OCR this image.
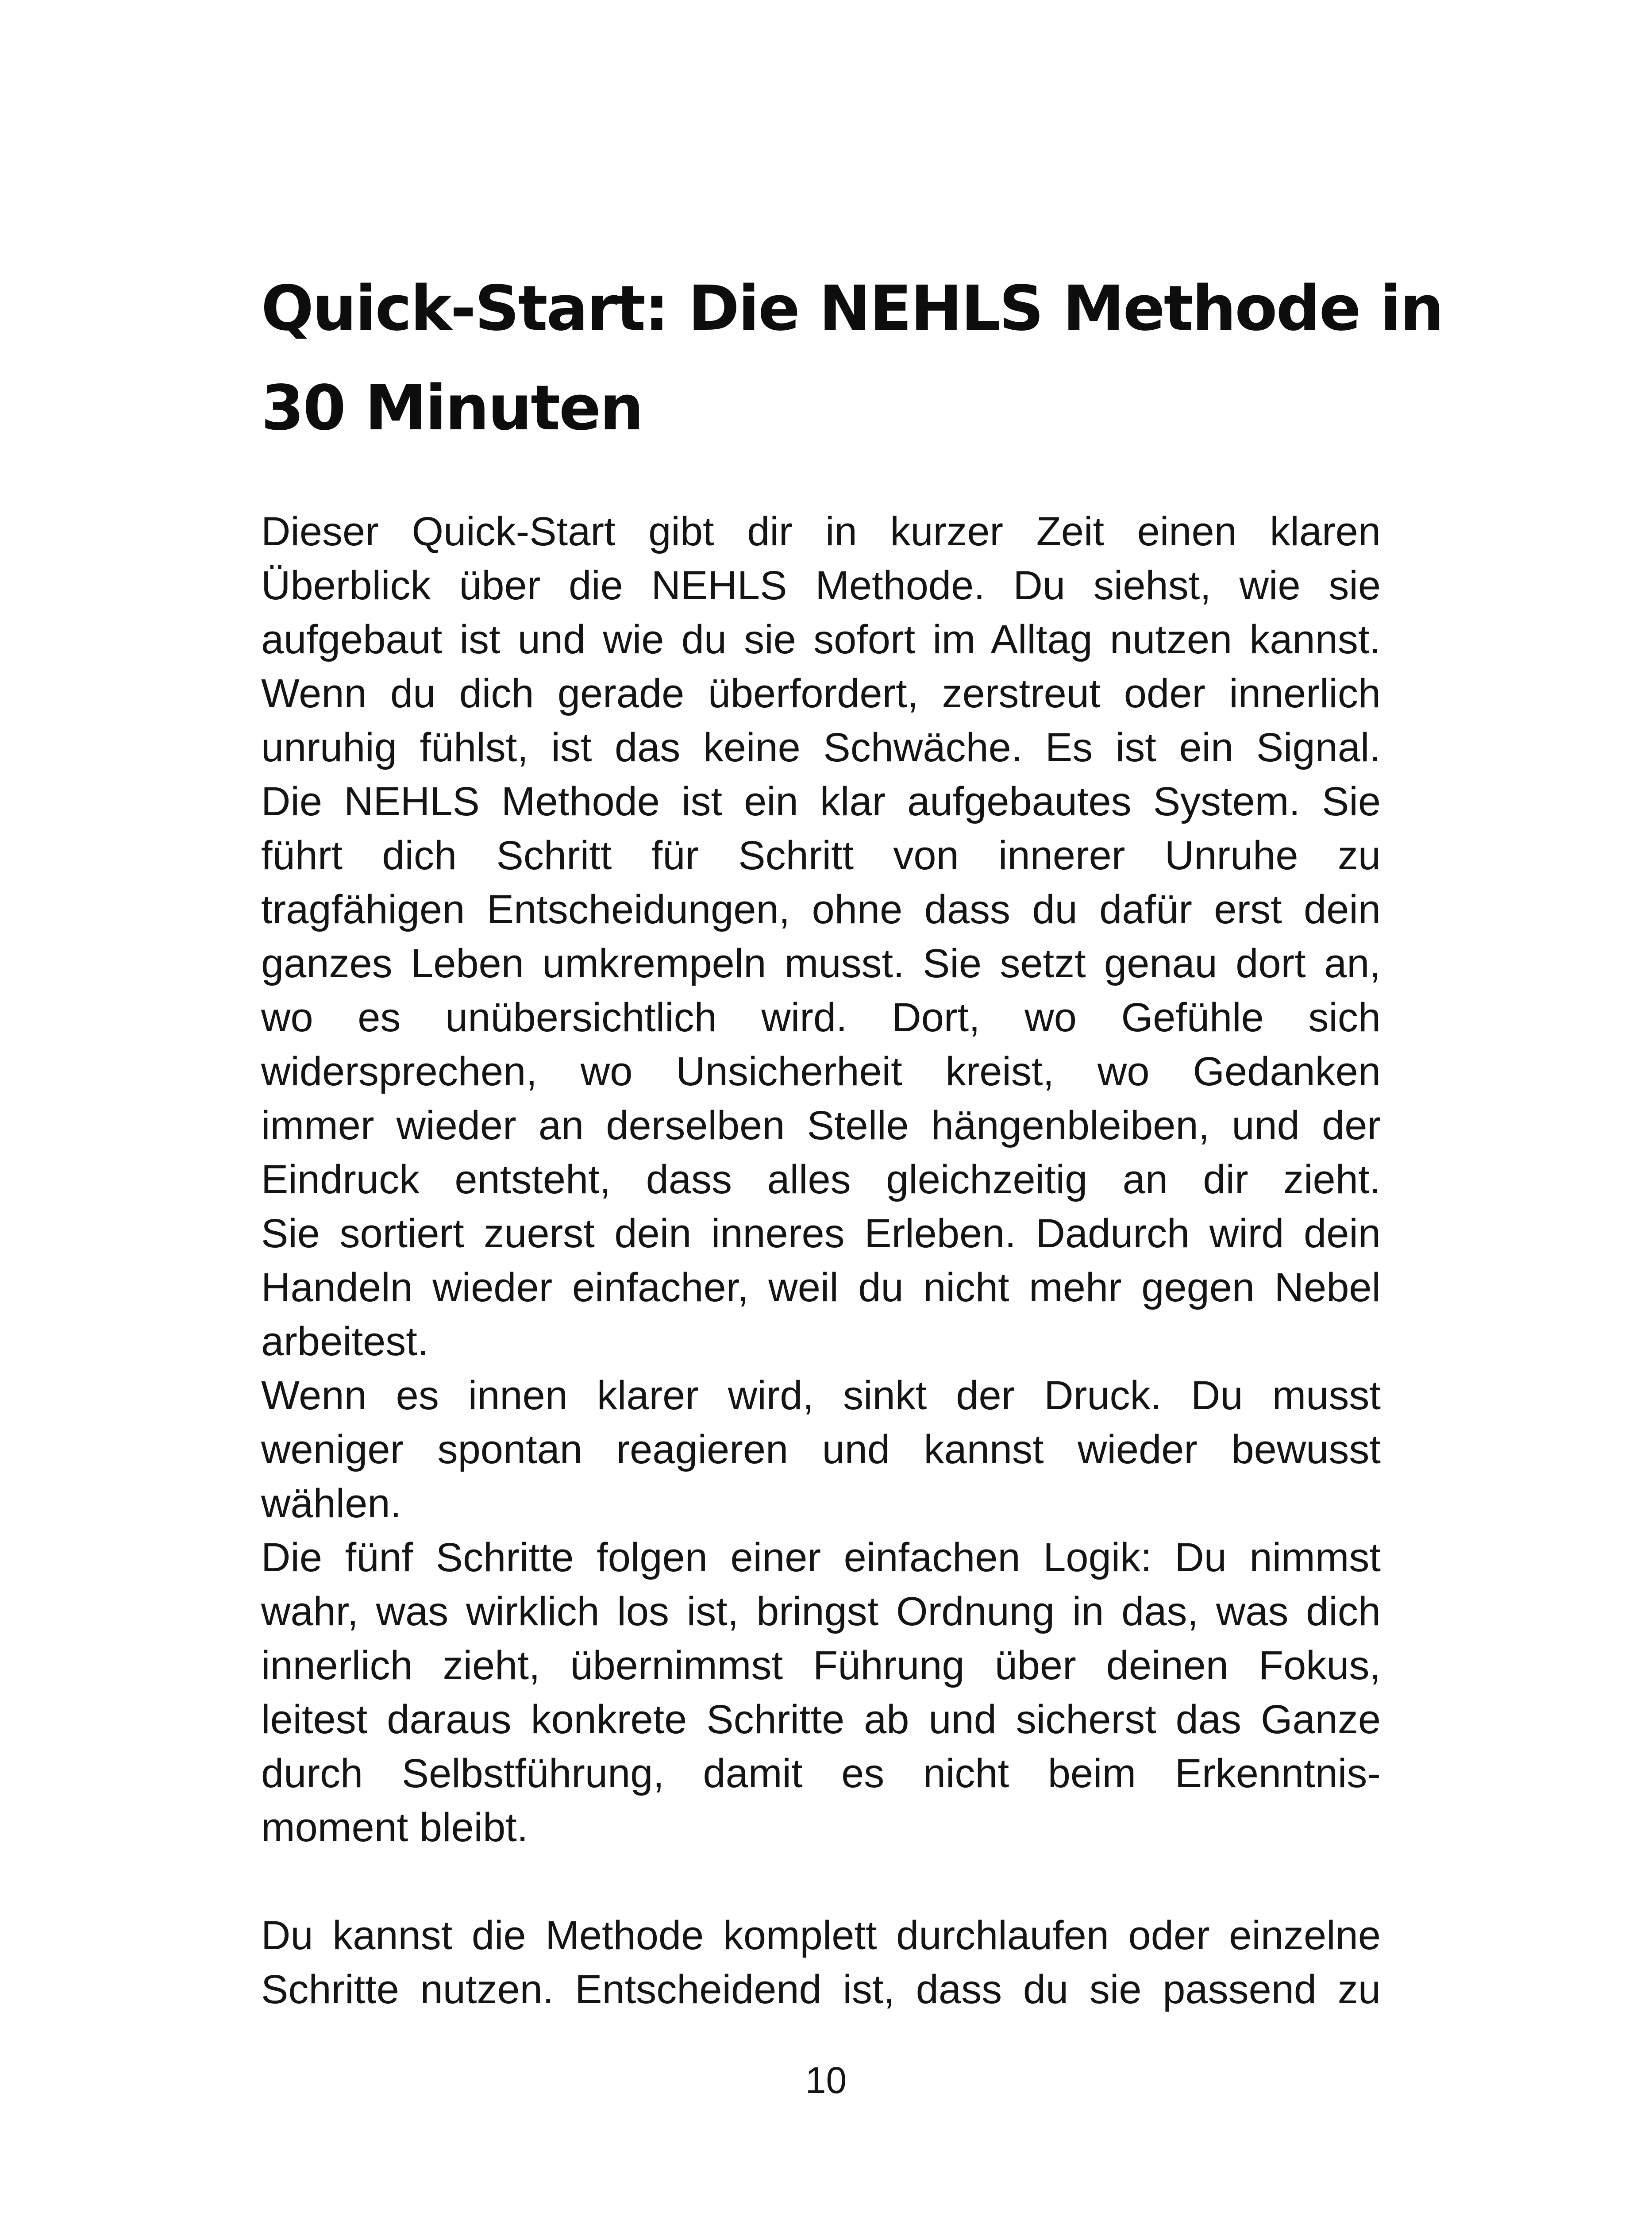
Quick-Start: Die NEHLS Methode in
30 Minuten
Dieser Quick-Start gibt dir in kurzer Zeit einen klaren
Überblick über die NEHLS Methode. Du siehst, wie sie
aufgebaut ist und wie du sie sofort im Alltag nutzen kannst.
Wenn du dich gerade überfordert, zerstreut oder innerlich
unruhig fühlst, ist das keine Schwäche. Es ist ein Signal.
Die NEHLS Methode ist ein klar aufgebautes System. Sie
führt dich Schritt für Schritt von innerer Unruhe zu
tragfähigen Entscheidungen, ohne dass du dafür erst dein
ganzes Leben umkrempeln musst. Sie setzt genau dort an,
wo es unübersichtlich wird. Dort, wo Gefühle sich
widersprechen, wo Unsicherheit kreist, wo Gedanken
immer wieder an derselben Stelle hängenbleiben, und der
Eindruck entsteht, dass alles gleichzeitig an dir zieht.
Sie sortiert zuerst dein inneres Erleben. Dadurch wird dein
Handeln wieder einfacher, weil du nicht mehr gegen Nebel
arbeitest.
Wenn es innen klarer wird, sinkt der Druck. Du musst
weniger spontan reagieren und kannst wieder bewusst
wählen.
Die fünf Schritte folgen einer einfachen Logik: Du nimmst
wahr, was wirklich los ist, bringst Ordnung in das, was dich
innerlich zieht, übernimmst Führung über deinen Fokus,
leitest daraus konkrete Schritte ab und sicherst das Ganze
durch Selbstführung, damit es nicht beim Erkenntnis-
moment bleibt.
Du kannst die Methode komplett durchlaufen oder einzelne
Schritte nutzen. Entscheidend ist, dass du sie passend zu
10
